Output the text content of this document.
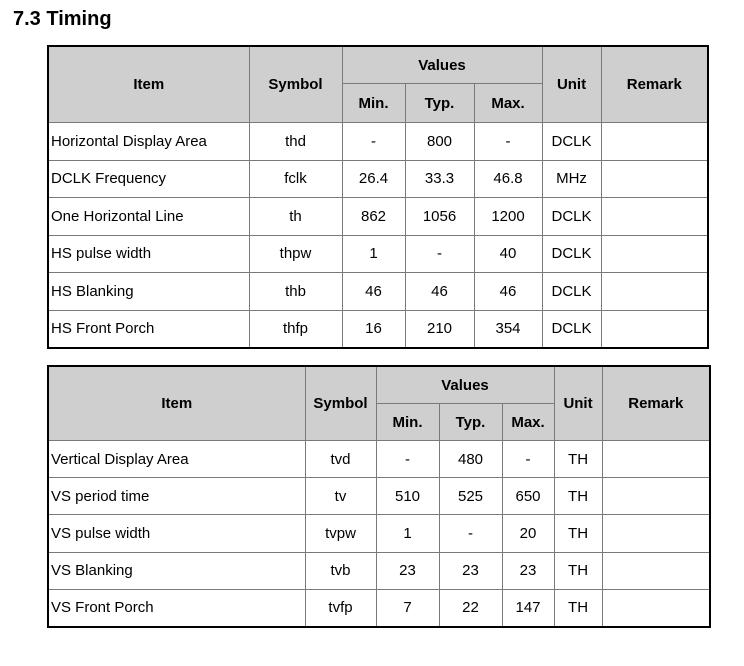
7.3 Timing
Item	Symbol	Values			Unit	Remark
		Min.	Typ.	Max.		
Horizontal Display Area	thd	-	800	-	DCLK	
DCLK Frequency	fclk	26.4	33.3	46.8	MHz	
One Horizontal Line	th	862	1056	1200	DCLK	
HS pulse width	thpw	1	-	40	DCLK	
HS Blanking	thb	46	46	46	DCLK	
HS Front Porch	thfp	16	210	354	DCLK	
Item	Symbol	Values			Unit	Remark
		Min.	Typ.	Max.		
Vertical Display Area	tvd	-	480	-	TH	
VS period time	tv	510	525	650	TH	
VS pulse width	tvpw	1	-	20	TH	
VS Blanking	tvb	23	23	23	TH	
VS Front Porch	tvfp	7	22	147	TH	
